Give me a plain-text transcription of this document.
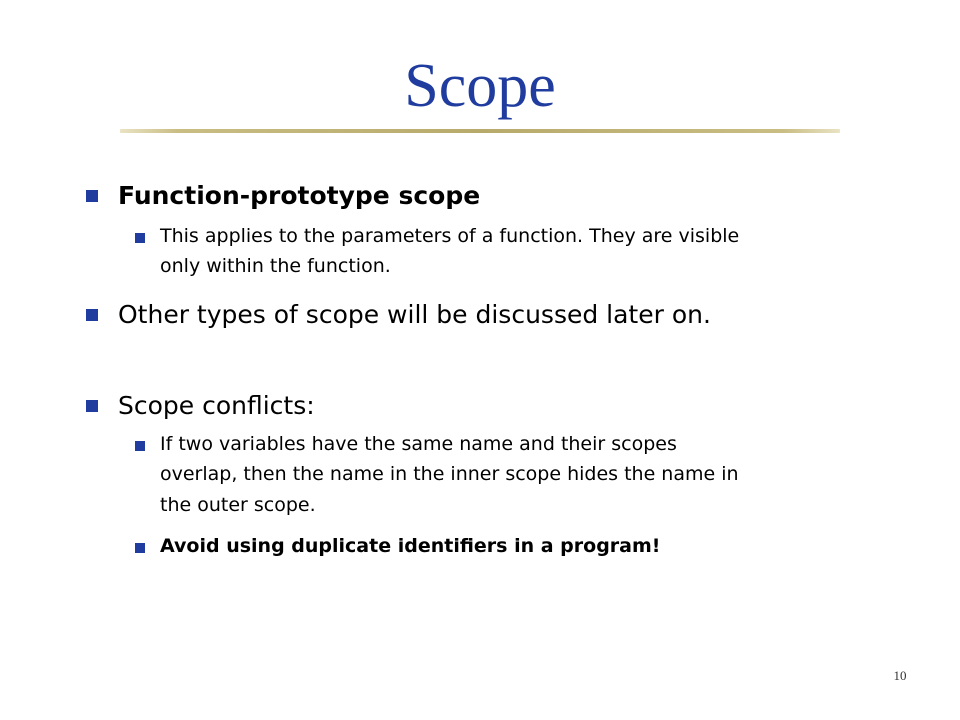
Scope
Function-prototype scope
This applies to the parameters of a function. They are visible
only within the function.
Other types of scope will be discussed later on.
Scope conflicts:
If two variables have the same name and their scopes
overlap, then the name in the inner scope hides the name in
the outer scope.
Avoid using duplicate identifiers in a program!
10
